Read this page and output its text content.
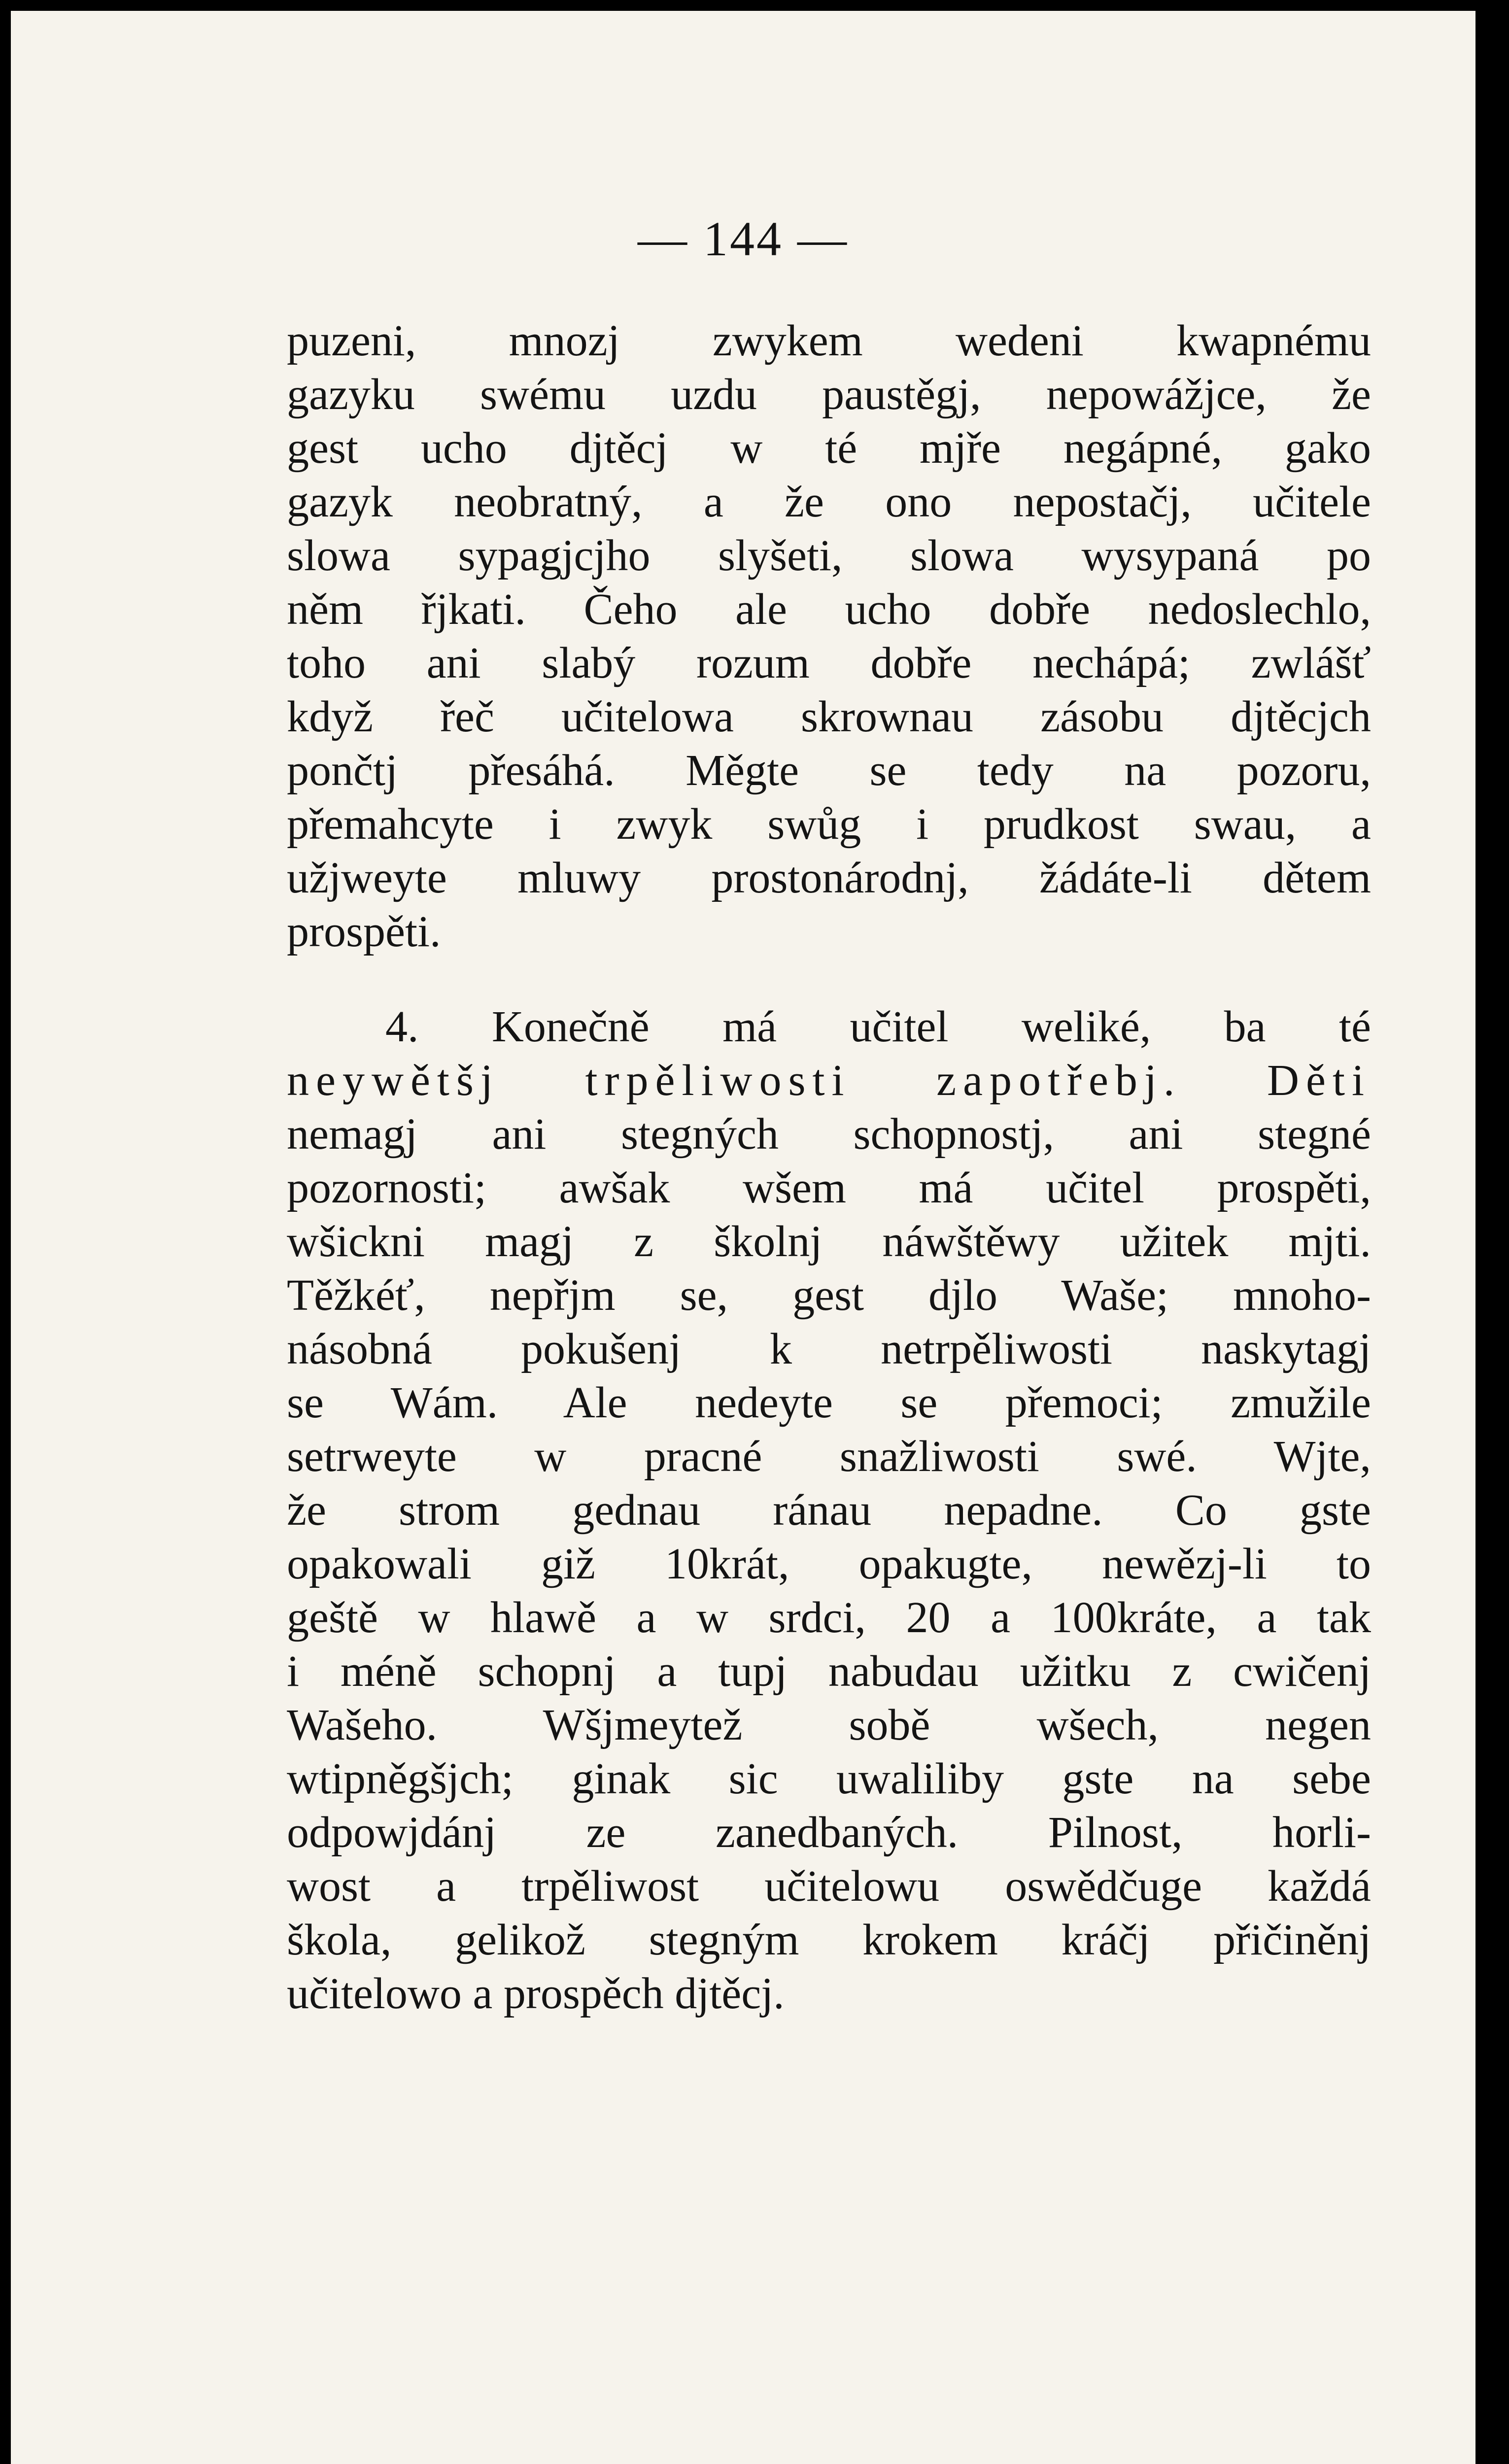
— 144 —
puzeni, mnozj zwykem wedeni kwapnému
gazyku swému uzdu paustěgj, nepowážjce, že
gest ucho djtěcj w té mjře negápné, gako
gazyk neobratný, a že ono nepostačj, učitele
slowa sypagjcjho slyšeti, slowa wysypaná po
něm řjkati. Čeho ale ucho dobře nedoslechlo,
toho ani slabý rozum dobře nechápá; zwlášť
když řeč učitelowa skrownau zásobu djtěcjch
pončtj přesáhá. Měgte se tedy na pozoru,
přemahcyte i zwyk swůg i prudkost swau, a
užjweyte mluwy prostonárodnj, žádáte-li dětem
prospěti.
4. Konečně má učitel weliké, ba té
neywětšj trpěliwosti zapotřebj. Děti
nemagj ani stegných schopnostj, ani stegné
pozornosti; awšak wšem má učitel prospěti,
wšickni magj z školnj náwštěwy užitek mjti.
Těžkéť, nepřjm se, gest djlo Waše; mnoho-
násobná pokušenj k netrpěliwosti naskytagj
se Wám. Ale nedeyte se přemoci; zmužile
setrweyte w pracné snažliwosti swé. Wjte,
že strom gednau ránau nepadne. Co gste
opakowali giž 10krát, opakugte, newězj-li to
geště w hlawě a w srdci, 20 a 100kráte, a tak
i méně schopnj a tupj nabudau užitku z cwičenj
Wašeho. Wšjmeytež sobě wšech, negen
wtipněgšjch; ginak sic uwaliliby gste na sebe
odpowjdánj ze zanedbaných. Pilnost, horli-
wost a trpěliwost učitelowu oswědčuge každá
škola, gelikož stegným krokem kráčj přičiněnj
učitelowo a prospěch djtěcj.
